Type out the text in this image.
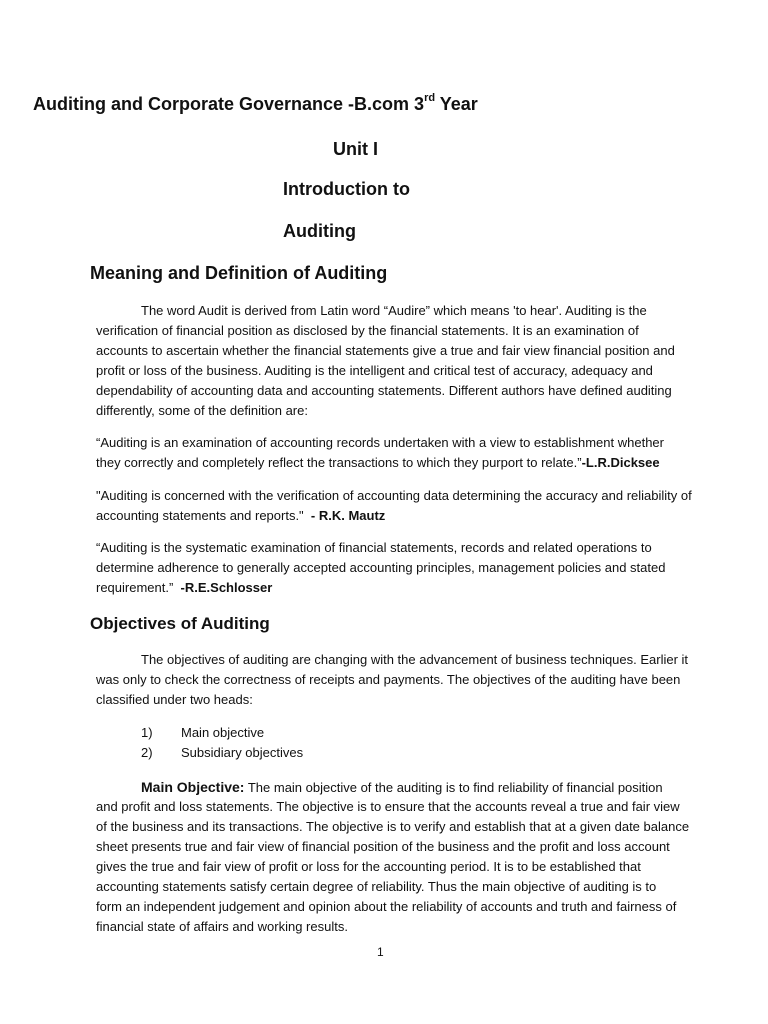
Auditing and Corporate Governance -B.com 3rd Year
Unit I
Introduction to
Auditing
Meaning and Definition of Auditing
The word Audit is derived from Latin word “Audire” which means 'to hear'. Auditing is the
verification of financial position as disclosed by the financial statements. It is an examination of
accounts to ascertain whether the financial statements give a true and fair view financial position and
profit or loss of the business. Auditing is the intelligent and critical test of accuracy, adequacy and
dependability of accounting data and accounting statements. Different authors have defined auditing
differently, some of the definition are:
“Auditing is an examination of accounting records undertaken with a view to establishment whether
they correctly and completely reflect the transactions to which they purport to relate.”-L.R.Dicksee
"Auditing is concerned with the verification of accounting data determining the accuracy and reliability of
accounting statements and reports."  - R.K. Mautz
“Auditing is the systematic examination of financial statements, records and related operations to
determine adherence to generally accepted accounting principles, management policies and stated
requirement.”  -R.E.Schlosser
Objectives of Auditing
The objectives of auditing are changing with the advancement of business techniques. Earlier it
was only to check the correctness of receipts and payments. The objectives of the auditing have been
classified under two heads:
1) Main objective
2) Subsidiary objectives
Main Objective: The main objective of the auditing is to find reliability of financial position
and profit and loss statements. The objective is to ensure that the accounts reveal a true and fair view
of the business and its transactions. The objective is to verify and establish that at a given date balance
sheet presents true and fair view of financial position of the business and the profit and loss account
gives the true and fair view of profit or loss for the accounting period. It is to be established that
accounting statements satisfy certain degree of reliability. Thus the main objective of auditing is to
form an independent judgement and opinion about the reliability of accounts and truth and fairness of
financial state of affairs and working results.
1
